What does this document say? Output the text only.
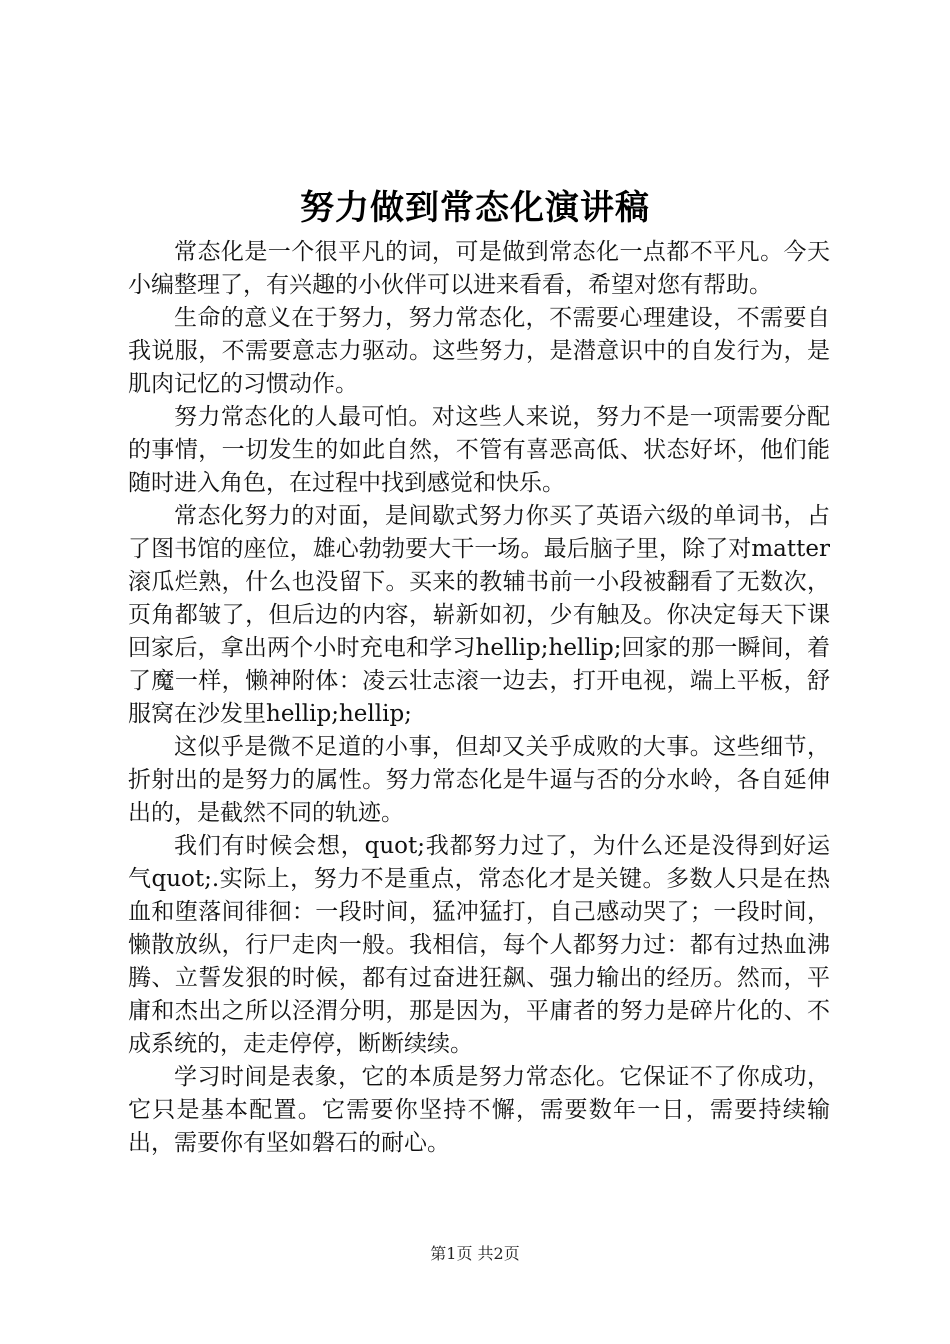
努力做到常态化演讲稿

常态化是一个很平凡的词，可是做到常态化一点都不平凡。今天小编整理了，有兴趣的小伙伴可以进来看看，希望对您有帮助。

生命的意义在于努力，努力常态化，不需要心理建设，不需要自我说服，不需要意志力驱动。这些努力，是潜意识中的自发行为，是肌肉记忆的习惯动作。

努力常态化的人最可怕。对这些人来说，努力不是一项需要分配的事情，一切发生的如此自然，不管有喜恶高低、状态好坏，他们能随时进入角色，在过程中找到感觉和快乐。

常态化努力的对面，是间歇式努力你买了英语六级的单词书，占了图书馆的座位，雄心勃勃要大干一场。最后脑子里，除了对matter滚瓜烂熟，什么也没留下。买来的教辅书前一小段被翻看了无数次，页角都皱了，但后边的内容，崭新如初，少有触及。你决定每天下课回家后，拿出两个小时充电和学习hellip;hellip;回家的那一瞬间，着了魔一样，懒神附体：凌云壮志滚一边去，打开电视，端上平板，舒服窝在沙发里hellip;hellip;

这似乎是微不足道的小事，但却又关乎成败的大事。这些细节，折射出的是努力的属性。努力常态化是牛逼与否的分水岭，各自延伸出的，是截然不同的轨迹。

我们有时候会想，quot;我都努力过了，为什么还是没得到好运气quot;.实际上，努力不是重点，常态化才是关键。多数人只是在热血和堕落间徘徊：一段时间，猛冲猛打，自己感动哭了；一段时间，懒散放纵，行尸走肉一般。我相信，每个人都努力过：都有过热血沸腾、立誓发狠的时候，都有过奋进狂飙、强力输出的经历。然而，平庸和杰出之所以泾渭分明，那是因为，平庸者的努力是碎片化的、不成系统的，走走停停，断断续续。

学习时间是表象，它的本质是努力常态化。它保证不了你成功，它只是基本配置。它需要你坚持不懈，需要数年一日，需要持续输出，需要你有坚如磐石的耐心。

第1页 共2页
